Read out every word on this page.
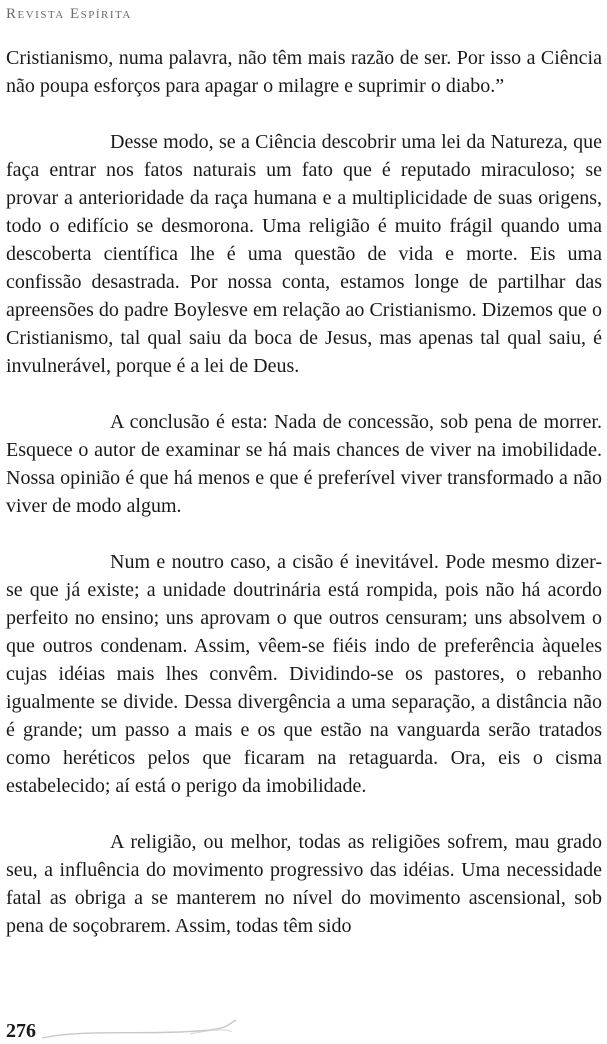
Revista Espírita

Cristianismo, numa palavra, não têm mais razão de ser. Por isso a Ciência não poupa esforços para apagar o milagre e suprimir o diabo.”

Desse modo, se a Ciência descobrir uma lei da Natureza, que faça entrar nos fatos naturais um fato que é reputado miraculoso; se provar a anterioridade da raça humana e a multiplicidade de suas origens, todo o edifício se desmorona. Uma religião é muito frágil quando uma descoberta científica lhe é uma questão de vida e morte. Eis uma confissão desastrada. Por nossa conta, estamos longe de partilhar das apreensões do padre Boylesve em relação ao Cristianismo. Dizemos que o Cristianismo, tal qual saiu da boca de Jesus, mas apenas tal qual saiu, é invulnerável, porque é a lei de Deus.

A conclusão é esta: Nada de concessão, sob pena de morrer. Esquece o autor de examinar se há mais chances de viver na imobilidade. Nossa opinião é que há menos e que é preferível viver transformado a não viver de modo algum.

Num e noutro caso, a cisão é inevitável. Pode mesmo dizer-se que já existe; a unidade doutrinária está rompida, pois não há acordo perfeito no ensino; uns aprovam o que outros censuram; uns absolvem o que outros condenam. Assim, vêem-se fiéis indo de preferência àqueles cujas idéias mais lhes convêm. Dividindo-se os pastores, o rebanho igualmente se divide. Dessa divergência a uma separação, a distância não é grande; um passo a mais e os que estão na vanguarda serão tratados como heréticos pelos que ficaram na retaguarda. Ora, eis o cisma estabelecido; aí está o perigo da imobilidade.

A religião, ou melhor, todas as religiões sofrem, mau grado seu, a influência do movimento progressivo das idéias. Uma necessidade fatal as obriga a se manterem no nível do movimento ascensional, sob pena de soçobrarem. Assim, todas têm sido

276
